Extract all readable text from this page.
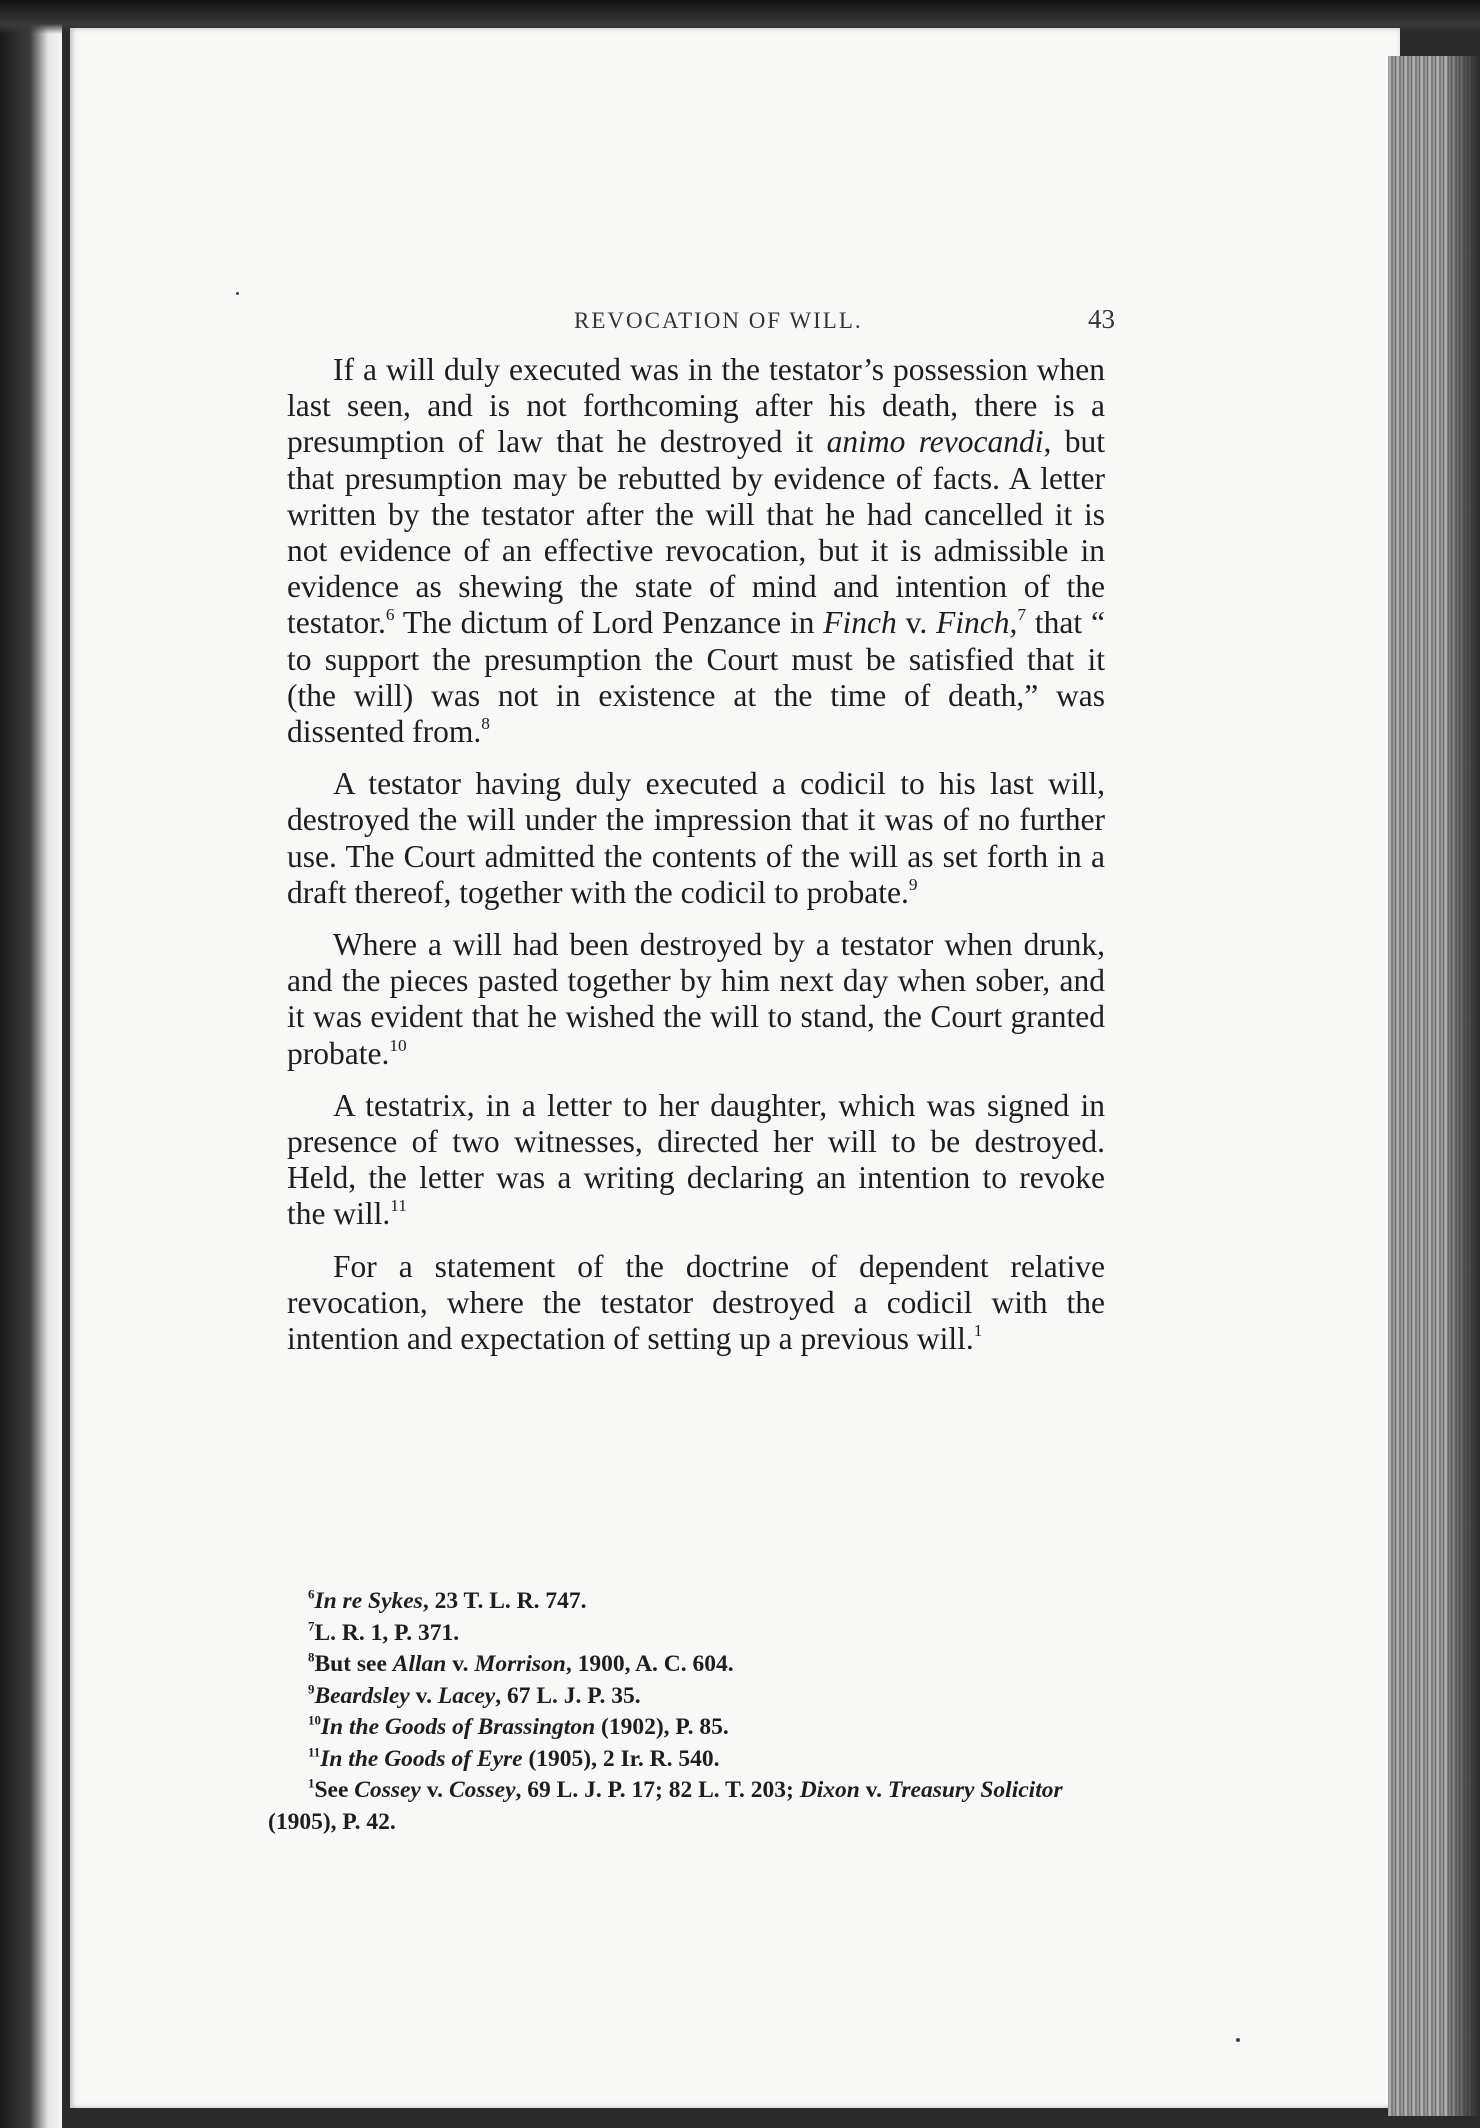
REVOCATION OF WILL.	43

If a will duly executed was in the testator’s possession when last seen, and is not forthcoming after his death, there is a presumption of law that he destroyed it animo revocandi, but that presumption may be rebutted by evidence of facts. A letter written by the testator after the will that he had cancelled it is not evidence of an effective revocation, but it is admissible in evidence as shewing the state of mind and intention of the testator.$^6$ The dictum of Lord Penzance in Finch v. Finch,$^7$ that “ to support the presumption the Court must be satisfied that it (the will) was not in existence at the time of death,” was dissented from.$^8$

A testator having duly executed a codicil to his last will, destroyed the will under the impression that it was of no further use. The Court admitted the contents of the will as set forth in a draft thereof, together with the codicil to probate.$^9$

Where a will had been destroyed by a testator when drunk, and the pieces pasted together by him next day when sober, and it was evident that he wished the will to stand, the Court granted probate.$^{10}$

A testatrix, in a letter to her daughter, which was signed in presence of two witnesses, directed her will to be destroyed. Held, the letter was a writing declaring an intention to revoke the will.$^{11}$

For a statement of the doctrine of dependent relative revocation, where the testator destroyed a codicil with the intention and expectation of setting up a previous will.$^1$

$^6$In re Sykes, 23 T. L. R. 747.
$^7$L. R. 1, P. 371.
$^8$But see Allan v. Morrison, 1900, A. C. 604.
$^9$Beardsley v. Lacey, 67 L. J. P. 35.
$^{10}$In the Goods of Brassington (1902), P. 85.
$^{11}$In the Goods of Eyre (1905), 2 Ir. R. 540.
$^1$See Cossey v. Cossey, 69 L. J. P. 17; 82 L. T. 203; Dixon v. Treasury Solicitor (1905), P. 42.
